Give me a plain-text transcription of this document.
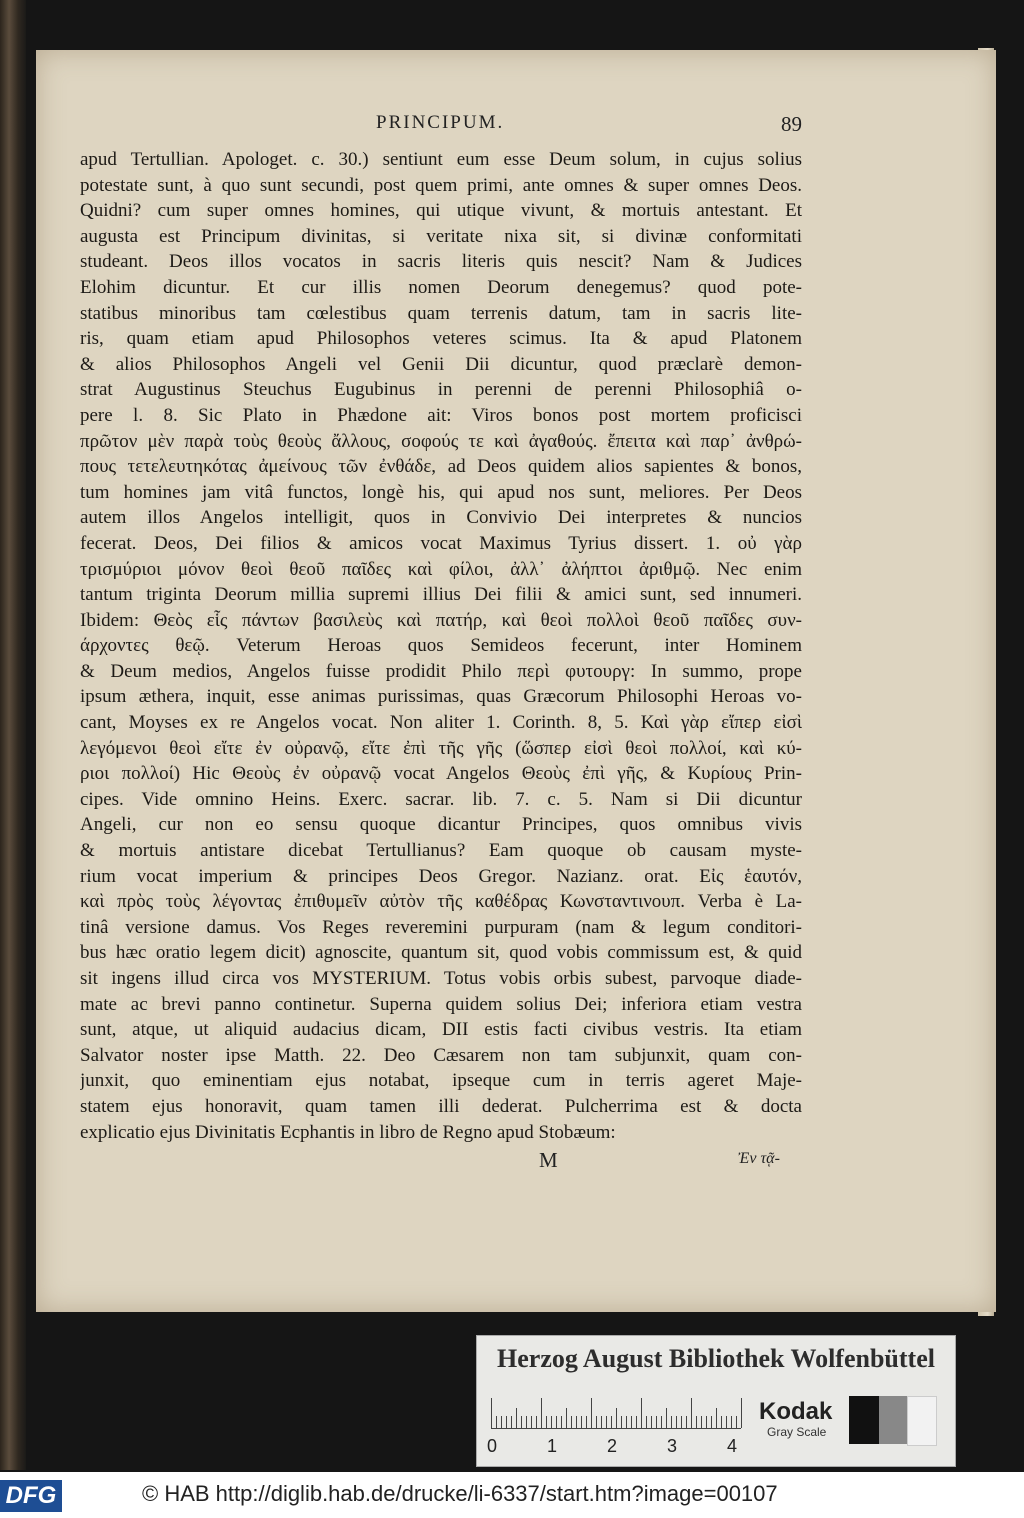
PRINCIPUM.	89
apud Tertullian. Apologet. c. 30.) sentiunt eum esse Deum solum, in cujus solius
potestate sunt, à quo sunt secundi, post quem primi, ante omnes & super omnes Deos.
Quidni? cum super omnes homines, qui utique vivunt, & mortuis antestant. Et
augusta est Principum divinitas, si veritate nixa sit, si divinæ conformitati
studeant. Deos illos vocatos in sacris literis quis nescit? Nam & Judices
Elohim dicuntur. Et cur illis nomen Deorum denegemus? quod pote-
statibus minoribus tam cœlestibus quam terrenis datum, tam in sacris lite-
ris, quam etiam apud Philosophos veteres scimus. Ita & apud Platonem
& alios Philosophos Angeli vel Genii Dii dicuntur, quod præclarè demon-
strat Augustinus Steuchus Eugubinus in perenni de perenni Philosophiâ o-
pere l. 8. Sic Plato in Phædone ait: Viros bonos post mortem proficisci
πρῶτον μὲν παρὰ τοὺς θεοὺς ἄλλους, σοφούς τε καὶ ἀγαθούς. ἔπειτα καὶ παρ᾽ ἀνθρώ-
πους τετελευτηκότας ἀμείνους τῶν ἐνθάδε, ad Deos quidem alios sapientes & bonos,
tum homines jam vitâ functos, longè his, qui apud nos sunt, meliores. Per Deos
autem illos Angelos intelligit, quos in Convivio Dei interpretes & nuncios
fecerat. Deos, Dei filios & amicos vocat Maximus Tyrius dissert. 1. οὐ γὰρ
τρισμύριοι μόνον θεοὶ θεοῦ παῖδες καὶ φίλοι, ἀλλ᾽ ἀλήπτοι ἀριθμῷ. Nec enim
tantum triginta Deorum millia supremi illius Dei filii & amici sunt, sed innumeri.
Ibidem: Θεὸς εἷς πάντων βασιλεὺς καὶ πατήρ, καὶ θεοὶ πολλοὶ θεοῦ παῖδες συν-
άρχοντες θεῷ. Veterum Heroas quos Semideos fecerunt, inter Hominem
& Deum medios, Angelos fuisse prodidit Philo περὶ φυτουργ: In summo, prope
ipsum æthera, inquit, esse animas purissimas, quas Græcorum Philosophi Heroas vo-
cant, Moyses ex re Angelos vocat. Non aliter 1. Corinth. 8, 5. Καὶ γὰρ εἴπερ εἰσὶ
λεγόμενοι θεοὶ εἴτε ἐν οὐρανῷ, εἴτε ἐπὶ τῆς γῆς (ὥσπερ εἰσὶ θεοὶ πολλοί, καὶ κύ-
ριοι πολλοί) Hic Θεοὺς ἐν οὐρανῷ vocat Angelos Θεοὺς ἐπὶ γῆς, & Κυρίους Prin-
cipes. Vide omnino Heins. Exerc. sacrar. lib. 7. c. 5. Nam si Dii dicuntur
Angeli, cur non eo sensu quoque dicantur Principes, quos omnibus vivis
& mortuis antistare dicebat Tertullianus? Eam quoque ob causam myste-
rium vocat imperium & principes Deos Gregor. Nazianz. orat. Εἰς ἑαυτόν,
καὶ πρὸς τοὺς λέγοντας ἐπιθυμεῖν αὐτὸν τῆς καθέδρας Κωνσταντινουπ. Verba è La-
tinâ versione damus. Vos Reges reveremini purpuram (nam & legum conditori-
bus hæc oratio legem dicit) agnoscite, quantum sit, quod vobis commissum est, & quid
sit ingens illud circa vos MYSTERIUM. Totus vobis orbis subest, parvoque diade-
mate ac brevi panno continetur. Superna quidem solius Dei; inferiora etiam vestra
sunt, atque, ut aliquid audacius dicam, DII estis facti civibus vestris. Ita etiam
Salvator noster ipse Matth. 22. Deo Cæsarem non tam subjunxit, quam con-
junxit, quo eminentiam ejus notabat, ipseque cum in terris ageret Maje-
statem ejus honoravit, quam tamen illi dederat. Pulcherrima est & docta
explicatio ejus Divinitatis Ecphantis in libro de Regno apud Stobæum:
M	Ἐν τᾷ-
Herzog August Bibliothek Wolfenbüttel
0	1	2	3	4
Kodak
Gray Scale
DFG	© HAB http://diglib.hab.de/drucke/li-6337/start.htm?image=00107
